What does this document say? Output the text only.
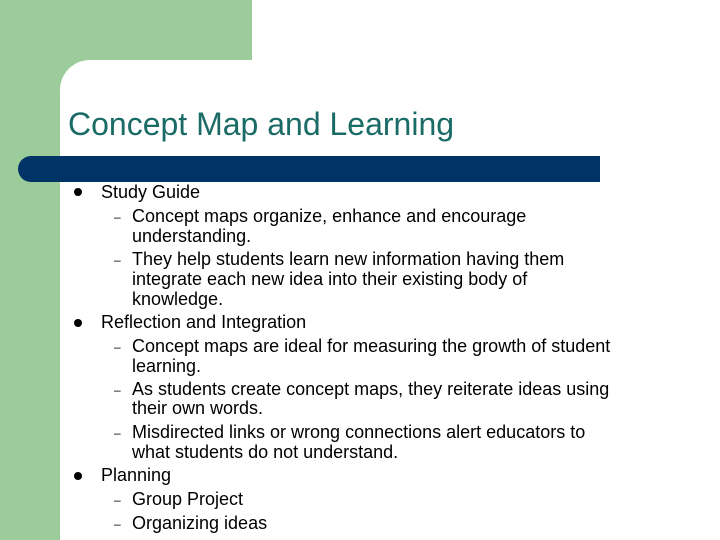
Concept Map and Learning
Study Guide
– Concept maps organize, enhance and encourage
understanding.
– They help students learn new information having them
integrate each new idea into their existing body of
knowledge.
Reflection and Integration
– Concept maps are ideal for measuring the growth of student
learning.
– As students create concept maps, they reiterate ideas using
their own words.
– Misdirected links or wrong connections alert educators to
what students do not understand.
Planning
– Group Project
– Organizing ideas
